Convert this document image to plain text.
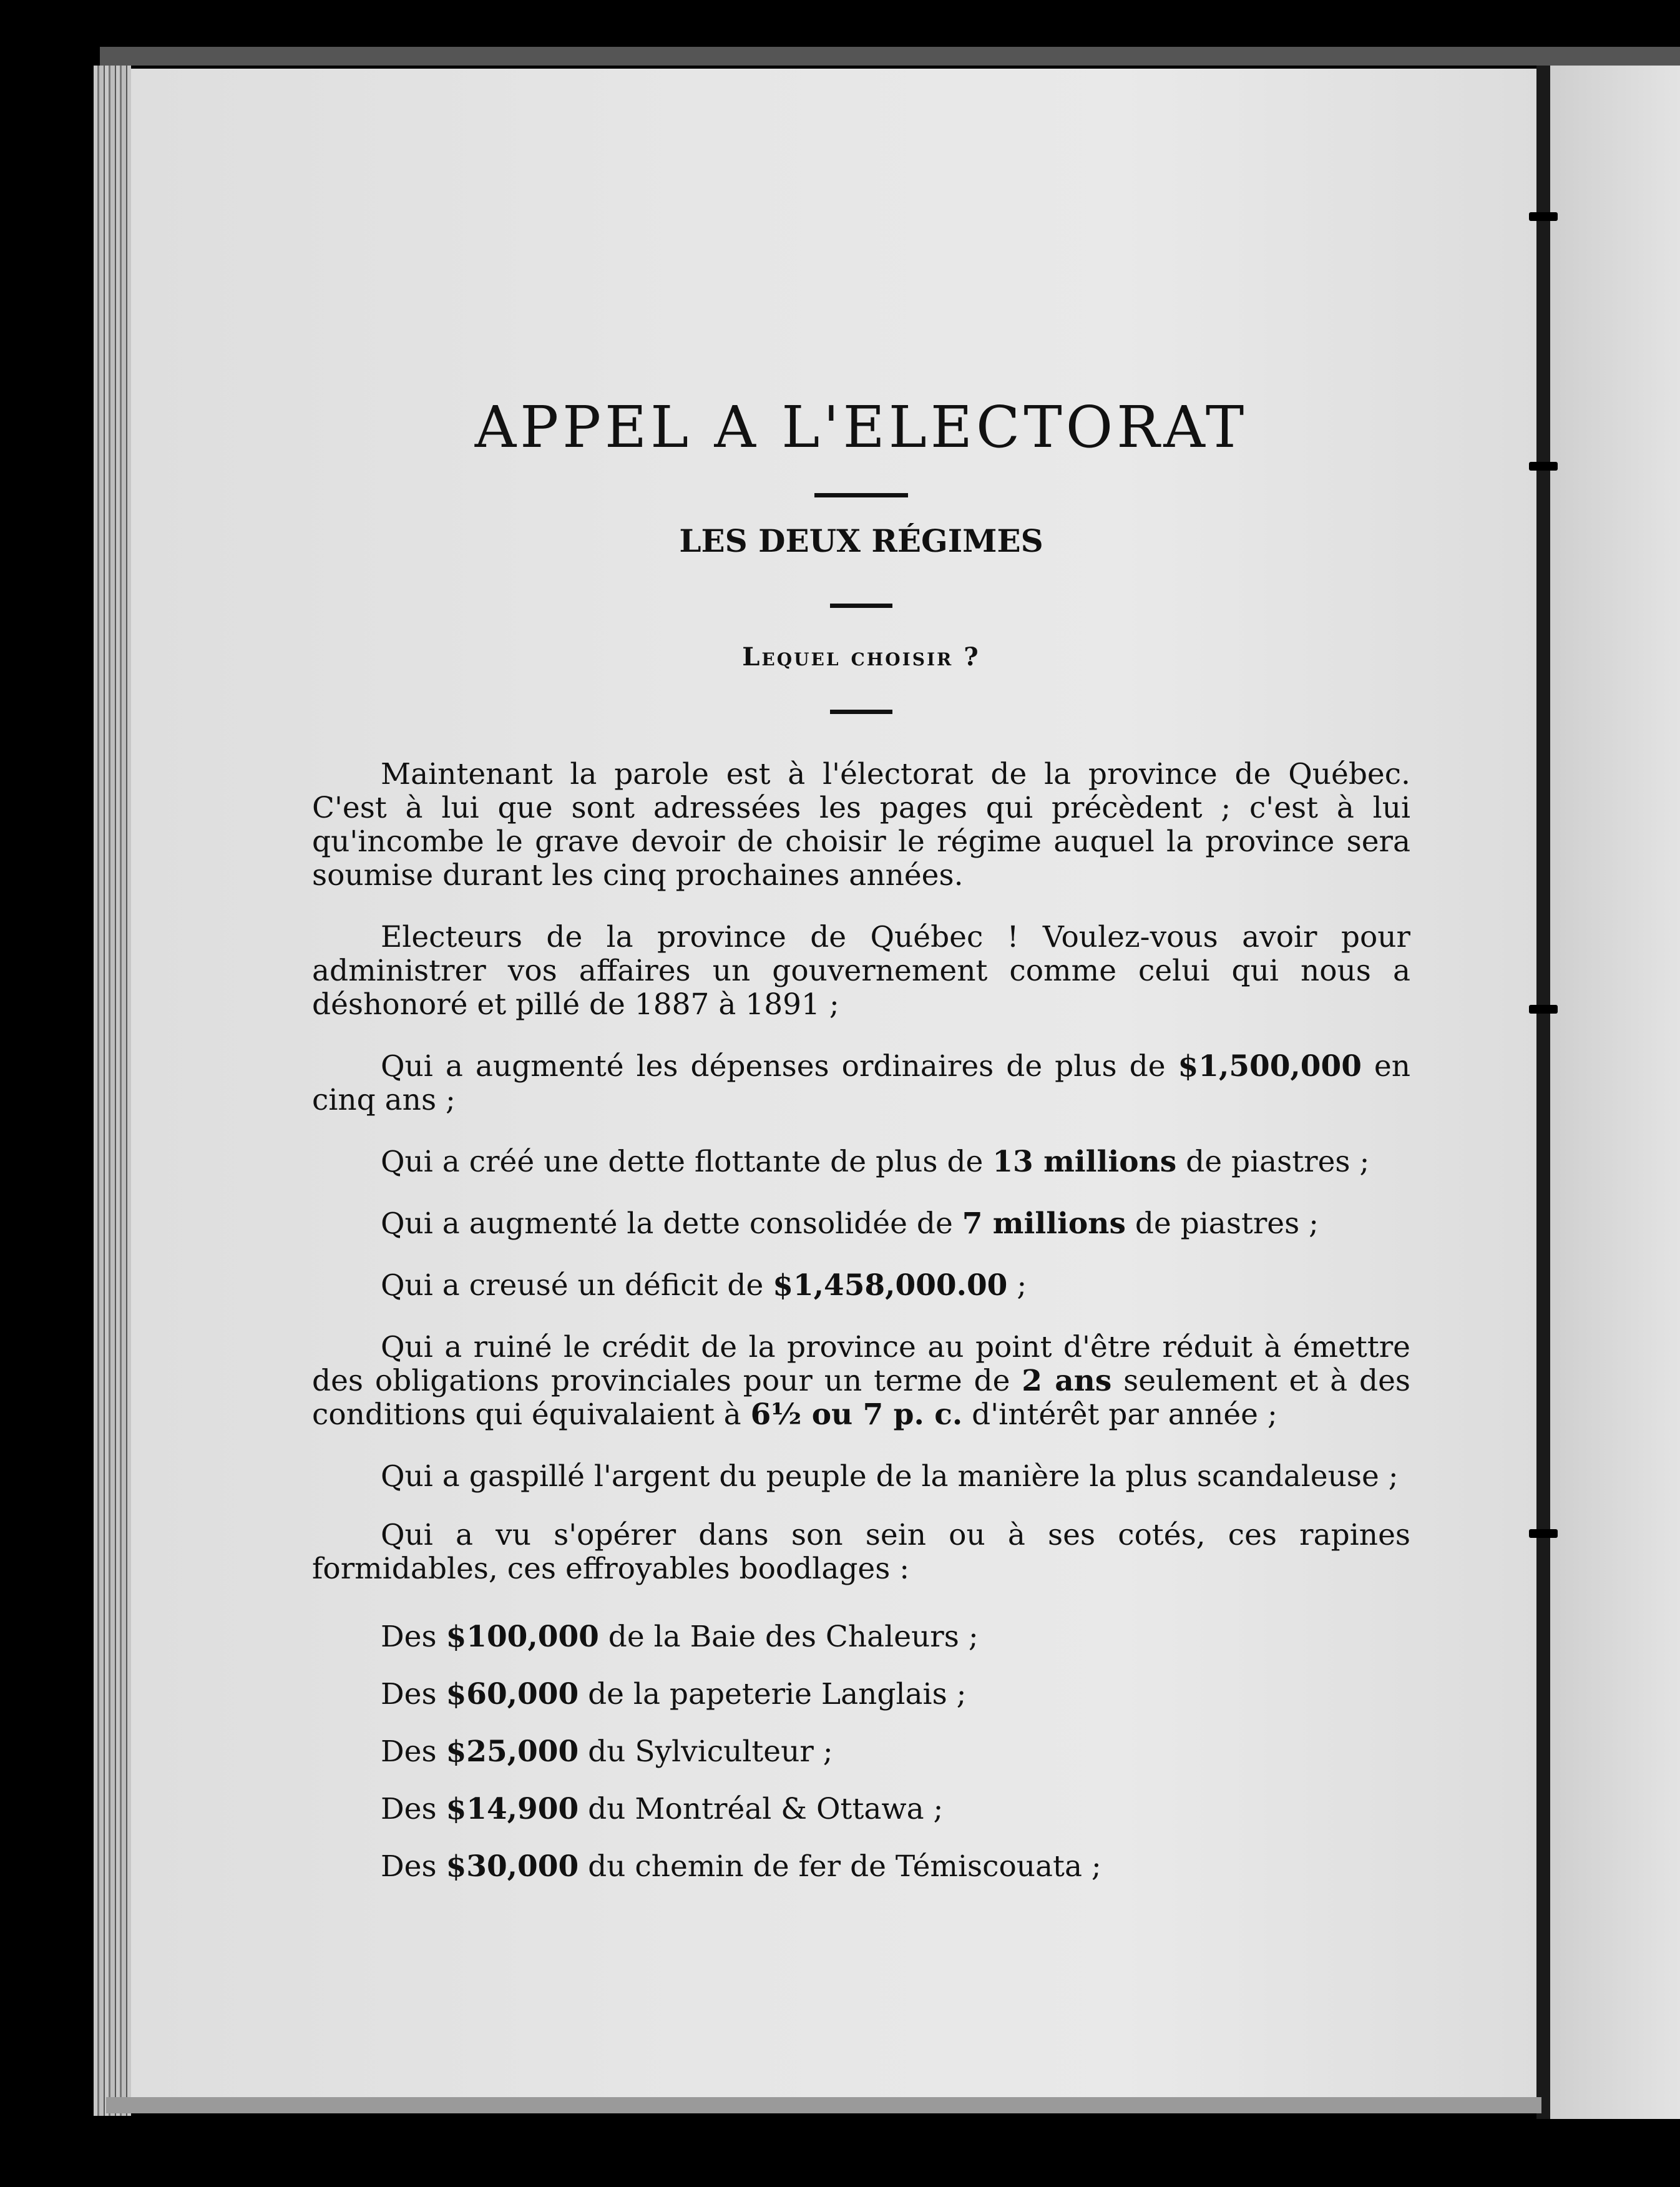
APPEL A L'ELECTORAT
LES DEUX RÉGIMES

Lequel choisir ?

Maintenant la parole est à l'électorat de la province de Québec. C'est à lui que sont adressées les pages qui précèdent ; c'est à lui qu'incombe le grave devoir de choisir le régime auquel la province sera soumise durant les cinq prochaines années.

Electeurs de la province de Québec ! Voulez-vous avoir pour administrer vos affaires un gouvernement comme celui qui nous a déshonoré et pillé de 1887 à 1891 ;

Qui a augmenté les dépenses ordinaires de plus de $1,500,000 en cinq ans ;

Qui a créé une dette flottante de plus de 13 millions de piastres ;

Qui a augmenté la dette consolidée de 7 millions de piastres ;

Qui a creusé un déficit de $1,458,000.00 ;

Qui a ruiné le crédit de la province au point d'être réduit à émettre des obligations provinciales pour un terme de 2 ans seulement et à des conditions qui équivalaient à 6½ ou 7 p. c. d'intérêt par année ;

Qui a gaspillé l'argent du peuple de la manière la plus scandaleuse ;

Qui a vu s'opérer dans son sein ou à ses cotés, ces rapines formidables, ces effroyables boodlages :

Des $100,000 de la Baie des Chaleurs ;

Des $60,000 de la papeterie Langlais ;

Des $25,000 du Sylviculteur ;

Des $14,900 du Montréal & Ottawa ;

Des $30,000 du chemin de fer de Témiscouata ;
